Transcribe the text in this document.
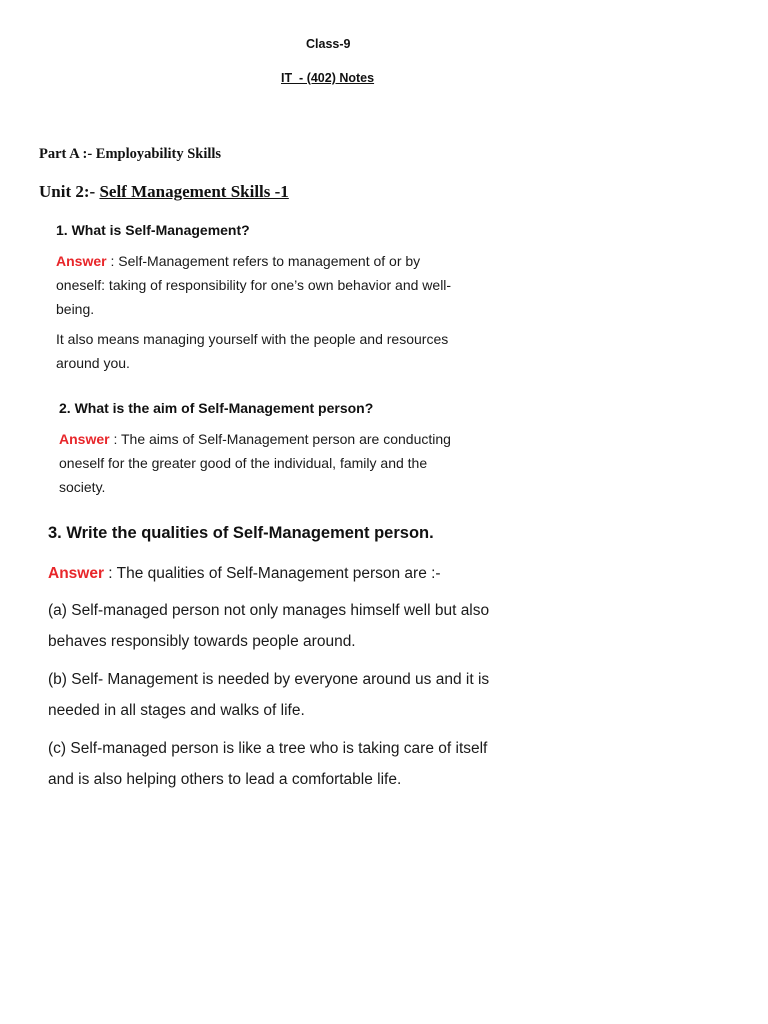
Class-9
IT  - (402) Notes
Part A :- Employability Skills
Unit 2:- Self Management Skills -1
1. What is Self-Management?
Answer : Self-Management refers to management of or by
oneself: taking of responsibility for one’s own behavior and well-
being.
It also means managing yourself with the people and resources
around you.
2. What is the aim of Self-Management person?
Answer : The aims of Self-Management person are conducting
oneself for the greater good of the individual, family and the
society.
3. Write the qualities of Self-Management person.
Answer : The qualities of Self-Management person are :-
(a) Self-managed person not only manages himself well but also
behaves responsibly towards people around.
(b) Self- Management is needed by everyone around us and it is
needed in all stages and walks of life.
(c) Self-managed person is like a tree who is taking care of itself
and is also helping others to lead a comfortable life.
